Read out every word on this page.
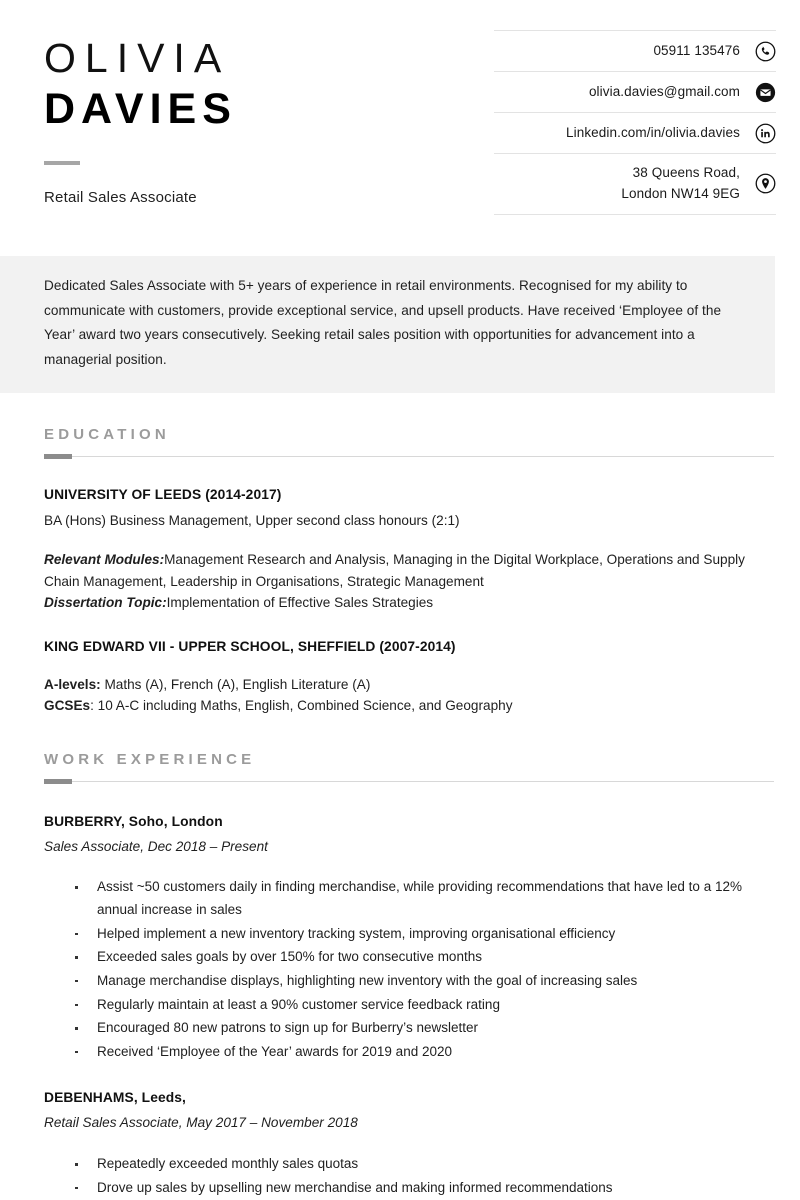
OLIVIA
DAVIES
Retail Sales Associate
05911 135476
olivia.davies@gmail.com
Linkedin.com/in/olivia.davies
38 Queens Road,
London NW14 9EG
Dedicated Sales Associate with 5+ years of experience in retail environments. Recognised for my ability to communicate with customers, provide exceptional service, and upsell products. Have received ‘Employee of the Year’ award two years consecutively. Seeking retail sales position with opportunities for advancement into a managerial position.
EDUCATION
UNIVERSITY OF LEEDS (2014-2017)
BA (Hons) Business Management, Upper second class honours (2:1)
Relevant Modules:Management Research and Analysis, Managing in the Digital Workplace, Operations and Supply Chain Management, Leadership in Organisations, Strategic Management
Dissertation Topic:Implementation of Effective Sales Strategies
KING EDWARD VII - UPPER SCHOOL, SHEFFIELD (2007-2014)
A-levels: Maths (A), French (A), English Literature (A)
GCSEs: 10 A-C including Maths, English, Combined Science, and Geography
WORK EXPERIENCE
BURBERRY, Soho, London
Sales Associate, Dec 2018 – Present
Assist ~50 customers daily in finding merchandise, while providing recommendations that have led to a 12% annual increase in sales
Helped implement a new inventory tracking system, improving organisational efficiency
Exceeded sales goals by over 150% for two consecutive months
Manage merchandise displays, highlighting new inventory with the goal of increasing sales
Regularly maintain at least a 90% customer service feedback rating
Encouraged 80 new patrons to sign up for Burberry’s newsletter
Received ‘Employee of the Year’ awards for 2019 and 2020
DEBENHAMS, Leeds,
Retail Sales Associate, May 2017 – November 2018
Repeatedly exceeded monthly sales quotas
Drove up sales by upselling new merchandise and making informed recommendations
